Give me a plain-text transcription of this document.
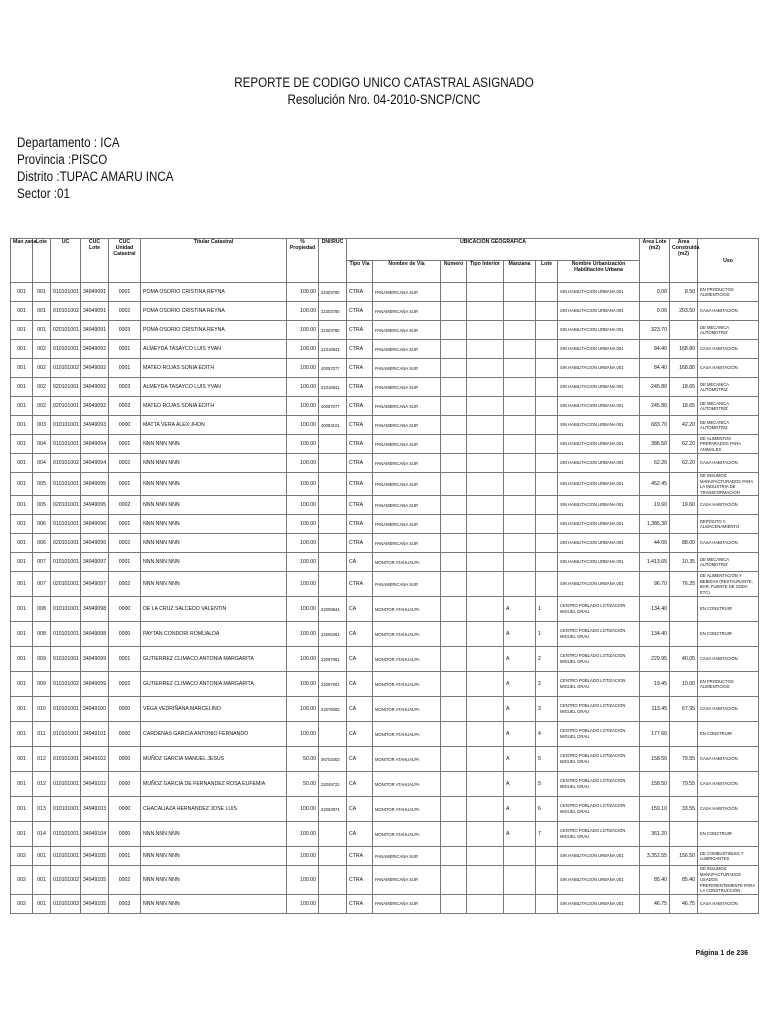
REPORTE DE CODIGO UNICO CATASTRAL ASIGNADO
Resolución Nro. 04-2010-SNCP/CNC
Departamento : ICA
Provincia :PISCO
Distrito :TUPAC AMARU INCA
Sector :01
Man zana	Lote	UC	CUC Lote	CUC Unidad Catastral	Titular Catastral	% Propiedad	DNI/RUC	UBICACIÓN GEOGRÁFICA							Area Lote (m2)	Area Construida (m2)	Uso
								Tipo Vía	Nombre de Vía	Número	Tipo Interior	Manzana	Lote	Nombre Urbanización Habilitación Urbana			
001	001	010101001	34949091	0001	POMA OSORIO CRISTINA REYNA	100.00	22303780	CTRA	PANAMERICANA SUR					SIN HABILITACION URBANA 001	0.00	8.50	EN PRODUCTOS ALIMENTICIOS
001	001	010101002	34949091	0002	POMA OSORIO CRISTINA REYNA	100.00	22303780	CTRA	PANAMERICANA SUR					SIN HABILITACION URBANA 001	0.00	203.50	CASA HABITACIÓN
001	001	020101001	34949091	0003	POMA OSORIO CRISTINA REYNA	100.00	22303780	CTRA	PANAMERICANA SUR					SIN HABILITACION URBANA 001	323.70		DE MECANICA AUTOMOTRIZ
001	002	010101001	34949092	0001	ALMEYDA TASAYCO LUIS YVAN	100.00	22318841	CTRA	PANAMERICANA SUR					SIN HABILITACION URBANA 001	84.40	168.80	CASA HABITACIÓN
001	002	010101002	34949092	0001	MATEO ROJAS SONIA EDITH	100.00	40057077	CTRA	PANAMERICANA SUR					SIN HABILITACION URBANA 001	84.40	168.80	CASA HABITACIÓN
001	002	020101001	34949092	0003	ALMEYDA TASAYCO LUIS YVAN	100.00	22318841	CTRA	PANAMERICANA SUR					SIN HABILITACION URBANA 001	245.80	18.65	DE MECANICA AUTOMOTRIZ
001	002	020101001	34949092	0003	MATEO ROJAS SONIA EDITH	100.00	40057077	CTRA	PANAMERICANA SUR					SIN HABILITACION URBANA 001	245.80	18.65	DE MECANICA AUTOMOTRIZ
001	003	010101001	34949093	0000	MATTA VERA ALEX JHON	100.00	40083101	CTRA	PANAMERICANA SUR					SIN HABILITACION URBANA 001	683.70	42.20	DE MECANICA AUTOMOTRIZ
001	004	010101001	34949094	0001	NNN NNN NNN	100.00		CTRA	PANAMERICANA SUR					SIN HABILITACION URBANA 001	386.50	62.20	DE ALIMENTOS PREPARADOS PARA ANIMALES
001	004	010101002	34949094	0002	NNN NNN NNN	100.00		CTRA	PANAMERICANA SUR					SIN HABILITACION URBANA 001	62.20	62.20	CASA HABITACIÓN
001	005	010101001	34949095	0001	NNN NNN NNN	100.00		CTRA	PANAMERICANA SUR					SIN HABILITACION URBANA 001	452.45		DE INSUMOS MANUFACTURADOS PARA LA INDUSTRIA DE TRANSFORMACIÓN
001	005	020101001	34949095	0002	NNN NNN NNN	100.00		CTRA	PANAMERICANA SUR					SIN HABILITACION URBANA 001	19.60	19.60	CASA HABITACIÓN
001	006	010101001	34949096	0001	NNN NNN NNN	100.00		CTRA	PANAMERICANA SUR					SIN HABILITACION URBANA 001	1,386.30		DEPÓSITO Y ALMACENAMIENTO
001	006	020101001	34949096	0002	NNN NNN NNN	100.00		CTRA	PANAMERICANA SUR					SIN HABILITACION URBANA 001	44.00	88.00	CASA HABITACIÓN
001	007	010101001	34949097	0001	NNN NNN NNN	100.00		CA	MONITOR ATAHUALPA					SIN HABILITACION URBANA 001	1,413.65	10.35	DE MECANICA AUTOMOTRIZ
001	007	020101001	34949097	0002	NNN NNN NNN	100.00		CTRA	PANAMERICANA SUR					SIN HABILITACION URBANA 001	96.70	76.25	DE ALIMENTACIÓN Y BEBIDAS (RESTAURANTE, BAR, FUENTE DE SODA ETC)
001	008	010101001	34949098	0000	DE LA CRUZ SALCEDO VALENTIN	100.00	22005844	CA	MONITOR ATAHUALPA			A	1	CENTRO POBLADO LOTIZACION MIGUEL GRAU	134.40		EN CONSTRUIR
001	008	010101001	34949098	0000	PAYTAN CONDORI ROMUALDA	100.00	22005361	CA	MONITOR ATAHUALPA			A	1	CENTRO POBLADO LOTIZACION MIGUEL GRAU	134.40		EN CONSTRUIR
001	009	010101001	34949099	0001	GUTIERREZ CLIMACO ANTONIA MARGARITA	100.00	22097081	CA	MONITOR ATAHUALPA			A	2	CENTRO POBLADO LOTIZACION MIGUEL GRAU	229.95	40.05	CASA HABITACIÓN
001	009	010101002	34949099	0002	GUTIERREZ CLIMACO ANTONIA MARGARITA	100.00	22097081	CA	MONITOR ATAHUALPA			A	2	CENTRO POBLADO LOTIZACION MIGUEL GRAU	19.45	10.00	EN PRODUCTOS ALIMENTICIOS
001	010	010101001	34949100	0000	VEGA VEDRIÑANA MARCELINO	100.00	22076083	CA	MONITOR ATAHUALPA			A	3	CENTRO POBLADO LOTIZACION MIGUEL GRAU	113.45	67.95	CASA HABITACIÓN
001	011	010101001	34949101	0000	CARDENAS GARCIA ANTONIO FERNANDO	100.00		CA	MONITOR ATAHUALPA			A	4	CENTRO POBLADO LOTIZACION MIGUEL GRAU	177.60		EN CONSTRUIR
001	012	010101001	34949102	0000	MUÑOZ GARCIA MANUEL JESUS	50.00	06703403	CA	MONITOR ATAHUALPA			A	5	CENTRO POBLADO LOTIZACION MIGUEL GRAU	158.50	79.55	CASA HABITACIÓN
001	012	010101001	34949102	0000	MUÑOZ GARCIA DE FERNANDEZ ROSA EUFEMIA	50.00	22049722	CA	MONITOR ATAHUALPA			A	5	CENTRO POBLADO LOTIZACION MIGUEL GRAU	158.50	79.55	CASA HABITACIÓN
001	013	010101001	34949103	0000	CHACALIAZA HERNANDEZ JOSE LUIS	100.00	22063974	CA	MONITOR ATAHUALPA			A	6	CENTRO POBLADO LOTIZACION MIGUEL GRAU	159.10	33.55	CASA HABITACIÓN
001	014	010101001	34949104	0000	NNN NNN NNN	100.00		CA	MONITOR ATAHUALPA			A	7	CENTRO POBLADO LOTIZACION MIGUEL GRAU	361.20		EN CONSTRUIR
002	001	010101001	34949105	0001	NNN NNN NNN	100.00		CTRA	PANAMERICANA SUR					SIN HABILITACION URBANA 001	3,352.55	156.50	DE COMBUSTIBLES Y LUBRICANTES
002	001	010101002	34949105	0002	NNN NNN NNN	100.00		CTRA	PANAMERICANA SUR					SIN HABILITACION URBANA 001	85.40	85.40	DE INSUMOS MANUFACTURADOS USADOS PREFERENTEMENTE PARA LA CONSTRUCCIÓN
002	001	010101003	34949105	0003	NNN NNN NNN	100.00		CTRA	PANAMERICANA SUR					SIN HABILITACION URBANA 001	46.75	46.75	CASA HABITACIÓN
Página 1 de 236
